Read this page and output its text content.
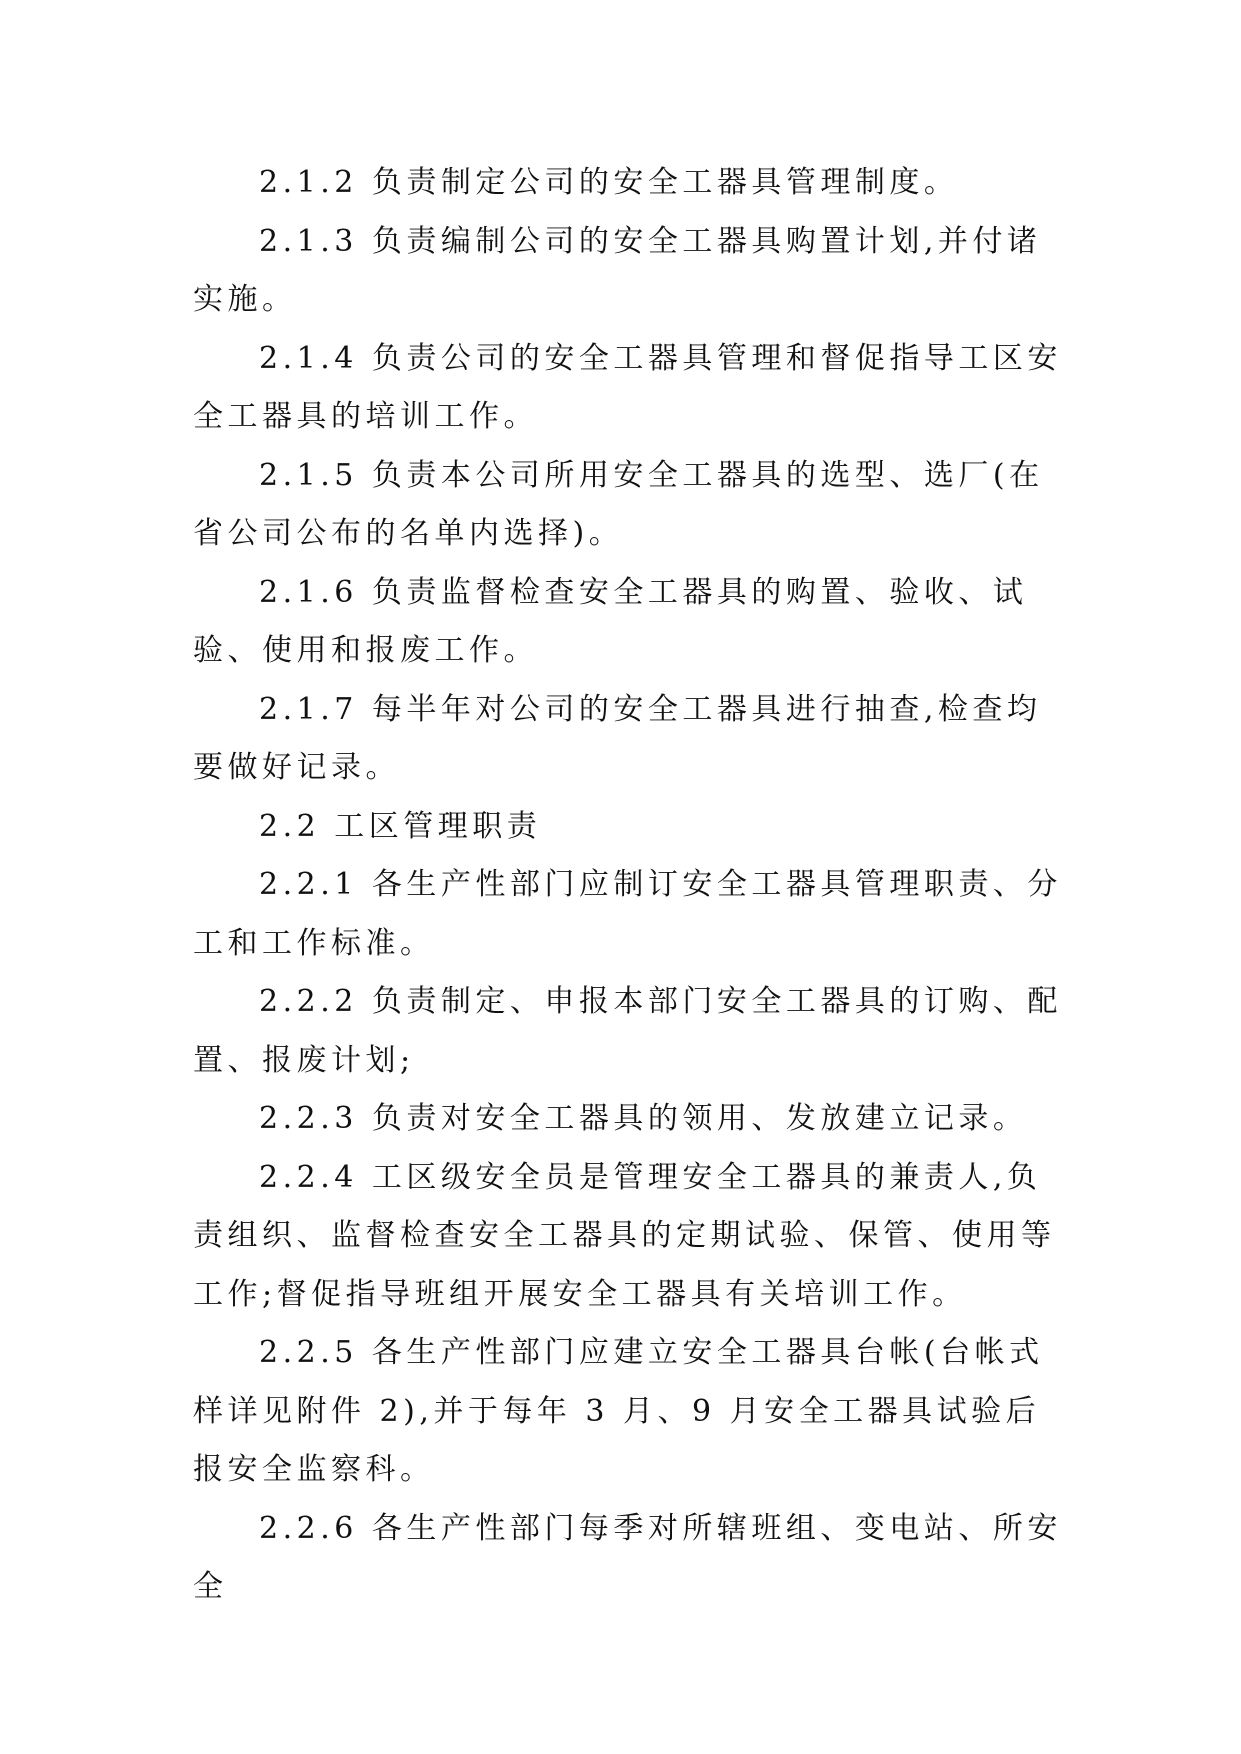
2.1.2 负责制定公司的安全工器具管理制度。

2.1.3 负责编制公司的安全工器具购置计划,并付诸实施。

2.1.4 负责公司的安全工器具管理和督促指导工区安全工器具的培训工作。

2.1.5 负责本公司所用安全工器具的选型、选厂(在省公司公布的名单内选择)。

2.1.6 负责监督检查安全工器具的购置、验收、试验、使用和报废工作。

2.1.7 每半年对公司的安全工器具进行抽查,检查均要做好记录。

2.2 工区管理职责

2.2.1 各生产性部门应制订安全工器具管理职责、分工和工作标准。

2.2.2 负责制定、申报本部门安全工器具的订购、配置、报废计划;

2.2.3 负责对安全工器具的领用、发放建立记录。

2.2.4 工区级安全员是管理安全工器具的兼责人,负责组织、监督检查安全工器具的定期试验、保管、使用等工作;督促指导班组开展安全工器具有关培训工作。

2.2.5 各生产性部门应建立安全工器具台帐(台帐式样详见附件 2),并于每年 3 月、9 月安全工器具试验后报安全监察科。

2.2.6 各生产性部门每季对所辖班组、变电站、所安全
